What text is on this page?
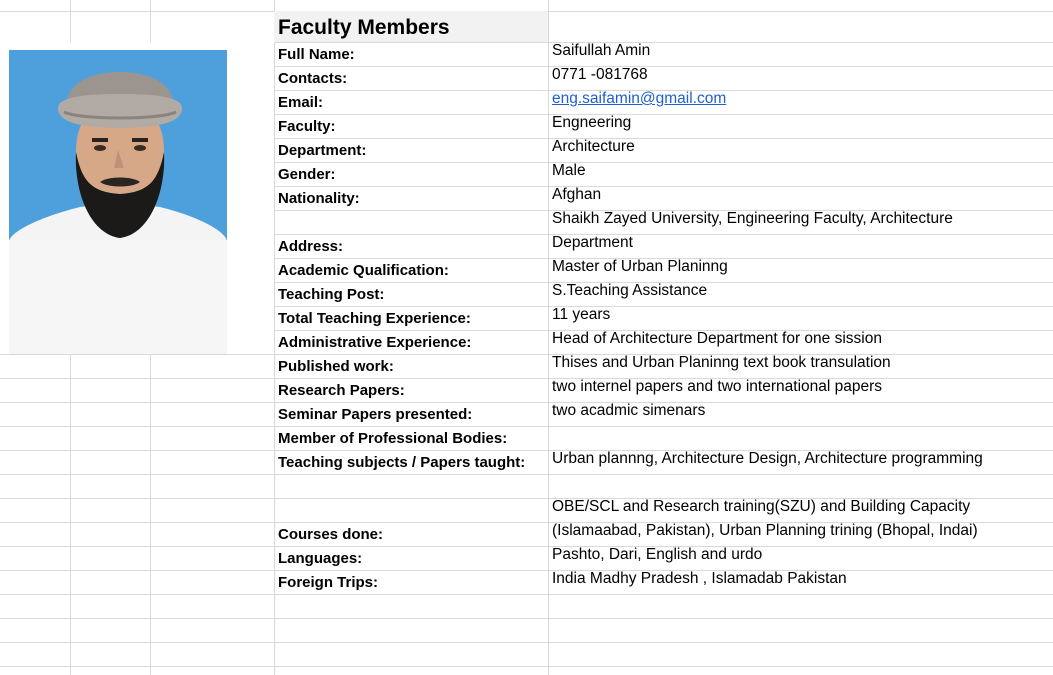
Faculty Members
Full Name:	Saifullah Amin
Contacts:	0771 -081768
Email:	eng.saifamin@gmail.com
Faculty:	Engneering
Department:	Architecture
Gender:	Male
Nationality:	Afghan
Address:
Shaikh Zayed University, Engineering Faculty, Architecture
Department
Academic Qualification:	Master of Urban Planinng
Teaching Post:	S.Teaching Assistance
Total Teaching Experience:	11 years
Administrative Experience:	Head of Architecture Department for one sission
Published work:	Thises and Urban Planinng text book transulation
Research Papers:	two internel papers and two international papers
Seminar Papers presented:	two acadmic simenars
Member of Professional Bodies:
Teaching subjects / Papers taught: Urban plannng, Architecture Design, Architecture programming
Courses done:
OBE/SCL and Research training(SZU) and Building Capacity
(Islamaabad, Pakistan), Urban Planning trining (Bhopal, Indai)
Languages:	Pashto, Dari, English and urdo
Foreign Trips:	India Madhy Pradesh , Islamadab Pakistan
